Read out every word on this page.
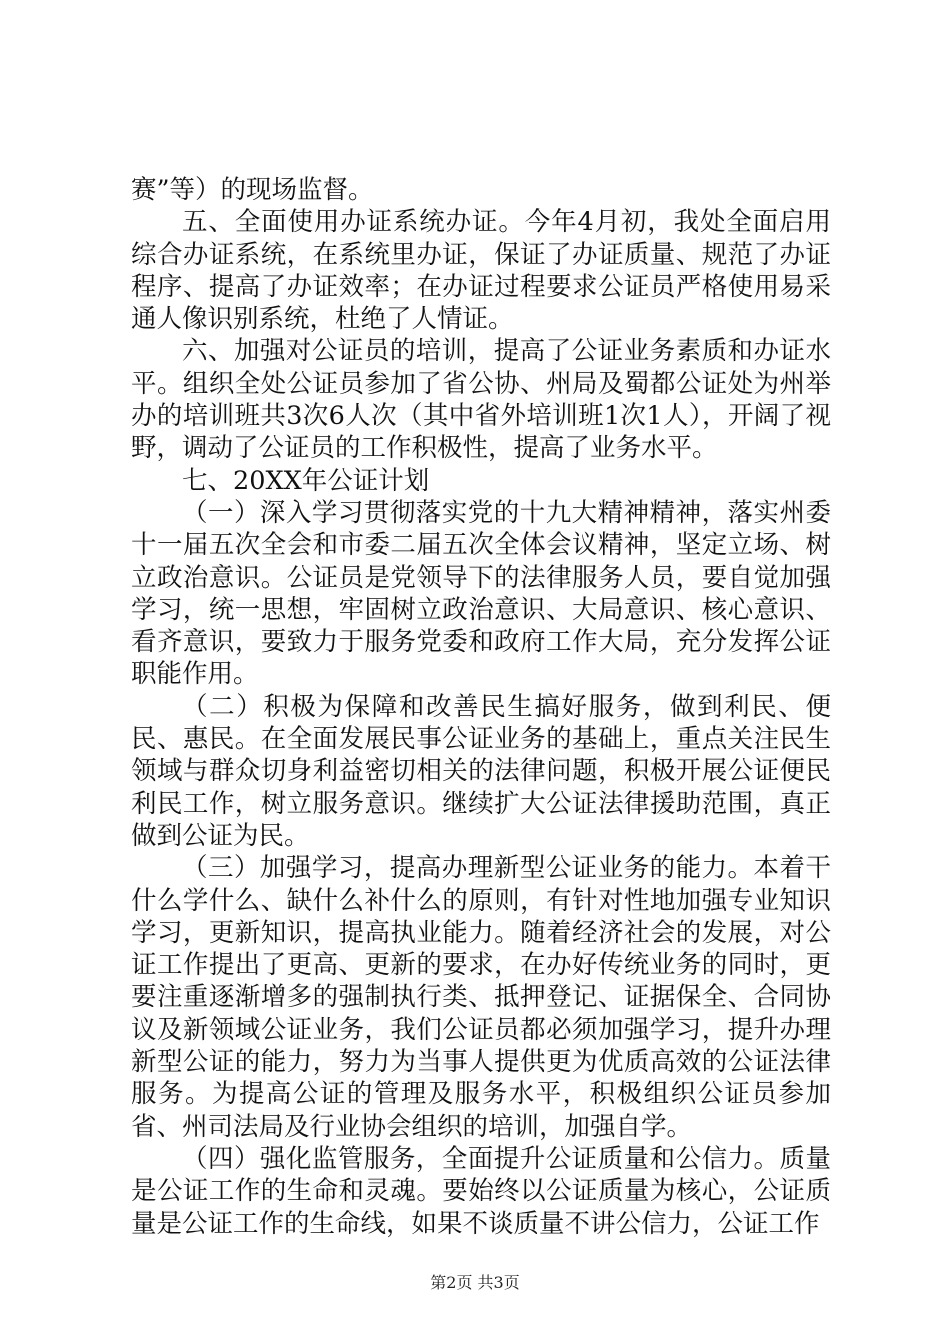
赛”等）的现场监督。

五、全面使用办证系统办证。今年4月初，我处全面启用综合办证系统，在系统里办证，保证了办证质量、规范了办证程序、提高了办证效率；在办证过程要求公证员严格使用易采通人像识别系统，杜绝了人情证。

六、加强对公证员的培训，提高了公证业务素质和办证水平。组织全处公证员参加了省公协、州局及蜀都公证处为州举办的培训班共3次6人次（其中省外培训班1次1人），开阔了视野，调动了公证员的工作积极性，提高了业务水平。

七、20XX年公证计划

（一）深入学习贯彻落实党的十九大精神精神，落实州委十一届五次全会和市委二届五次全体会议精神，坚定立场、树立政治意识。公证员是党领导下的法律服务人员，要自觉加强学习，统一思想，牢固树立政治意识、大局意识、核心意识、看齐意识，要致力于服务党委和政府工作大局，充分发挥公证职能作用。

（二）积极为保障和改善民生搞好服务，做到利民、便民、惠民。在全面发展民事公证业务的基础上，重点关注民生领域与群众切身利益密切相关的法律问题，积极开展公证便民利民工作，树立服务意识。继续扩大公证法律援助范围，真正做到公证为民。

（三）加强学习，提高办理新型公证业务的能力。本着干什么学什么、缺什么补什么的原则，有针对性地加强专业知识学习，更新知识，提高执业能力。随着经济社会的发展，对公证工作提出了更高、更新的要求，在办好传统业务的同时，更要注重逐渐增多的强制执行类、抵押登记、证据保全、合同协议及新领域公证业务，我们公证员都必须加强学习，提升办理新型公证的能力，努力为当事人提供更为优质高效的公证法律服务。为提高公证的管理及服务水平，积极组织公证员参加省、州司法局及行业协会组织的培训，加强自学。

（四）强化监管服务，全面提升公证质量和公信力。质量是公证工作的生命和灵魂。要始终以公证质量为核心，公证质量是公证工作的生命线，如果不谈质量不讲公信力，公证工作

第2页 共3页
